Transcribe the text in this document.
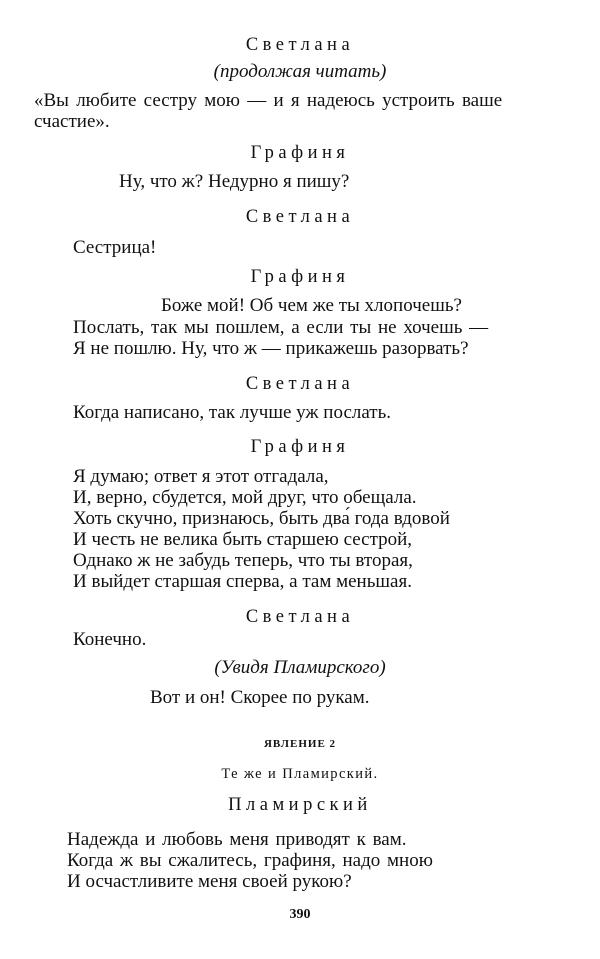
Светлана
(продолжая читать)
«Вы любите сестру мою — и я надеюсь устроить ваше
счастие».
Графиня
Ну, что ж? Недурно я пишу?
Светлана
Сестрица!
Графиня
Боже мой! Об чем же ты хлопочешь?
Послать, так мы пошлем, а если ты не хочешь —
Я не пошлю. Ну, что ж — прикажешь разорвать?
Светлана
Когда написано, так лучше уж послать.
Графиня
Я думаю; ответ я этот отгадала,
И, верно, сбудется, мой друг, что обещала.
Хоть скучно, признаюсь, быть два́ года вдовой
И честь не велика быть старшею сестрой,
Однако ж не забудь теперь, что ты вторая,
И выйдет старшая сперва, а там меньшая.
Светлана
Конечно.
(Увидя Пламирского)
Вот и он! Скорее по рукам.
ЯВЛЕНИЕ 2
Те же и Пламирский.
Пламирский
Надежда и любовь меня приводят к вам.
Когда ж вы сжалитесь, графиня, надо мною
И осчастливите меня своей рукою?
390
